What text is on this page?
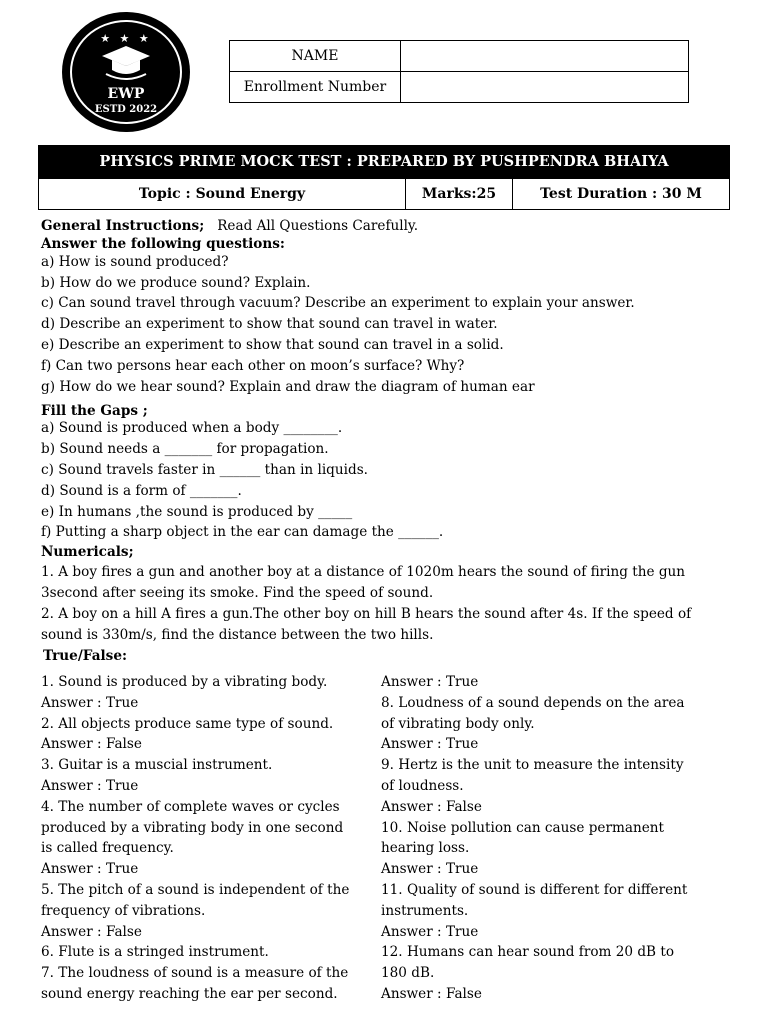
★ ★ ★
EWP
ESTD 2022
NAME	
Enrollment Number	
PHYSICS PRIME MOCK TEST : PREPARED BY PUSHPENDRA BHAIYA
Topic : Sound Energy	Marks:25	Test Duration : 30 M

General Instructions; Read All Questions Carefully.

Answer the following questions:

a) How is sound produced?

b) How do we produce sound? Explain.

c) Can sound travel through vacuum? Describe an experiment to explain your answer.

d) Describe an experiment to show that sound can travel in water.

e) Describe an experiment to show that sound can travel in a solid.

f) Can two persons hear each other on moon’s surface? Why?

g) How do we hear sound? Explain and draw the diagram of human ear

Fill the Gaps ;

a) Sound is produced when a body ________.

b) Sound needs a _______ for propagation.

c) Sound travels faster in ______ than in liquids.

d) Sound is a form of _______.

e) In humans ,the sound is produced by _____

f) Putting a sharp object in the ear can damage the ______.

Numericals;

1. A boy fires a gun and another boy at a distance of 1020m hears the sound of firing the gun 3second after seeing its smoke. Find the speed of sound.

2. A boy on a hill A fires a gun.The other boy on hill B hears the sound after 4s. If the speed of sound is 330m/s, find the distance between the two hills.

True/False:

1. Sound is produced by a vibrating body.

Answer : True

2. All objects produce same type of sound.

Answer : False

3. Guitar is a muscial instrument.

Answer : True

4. The number of complete waves or cycles

produced by a vibrating body in one second

is called frequency.

Answer : True

5. The pitch of a sound is independent of the

frequency of vibrations.

Answer : False

6. Flute is a stringed instrument.

7. The loudness of sound is a measure of the

sound energy reaching the ear per second.

Answer : True

8. Loudness of a sound depends on the area

of vibrating body only.

Answer : True

9. Hertz is the unit to measure the intensity

of loudness.

Answer : False

10. Noise pollution can cause permanent

hearing loss.

Answer : True

11. Quality of sound is different for different

instruments.

Answer : True

12. Humans can hear sound from 20 dB to

180 dB.

Answer : False
